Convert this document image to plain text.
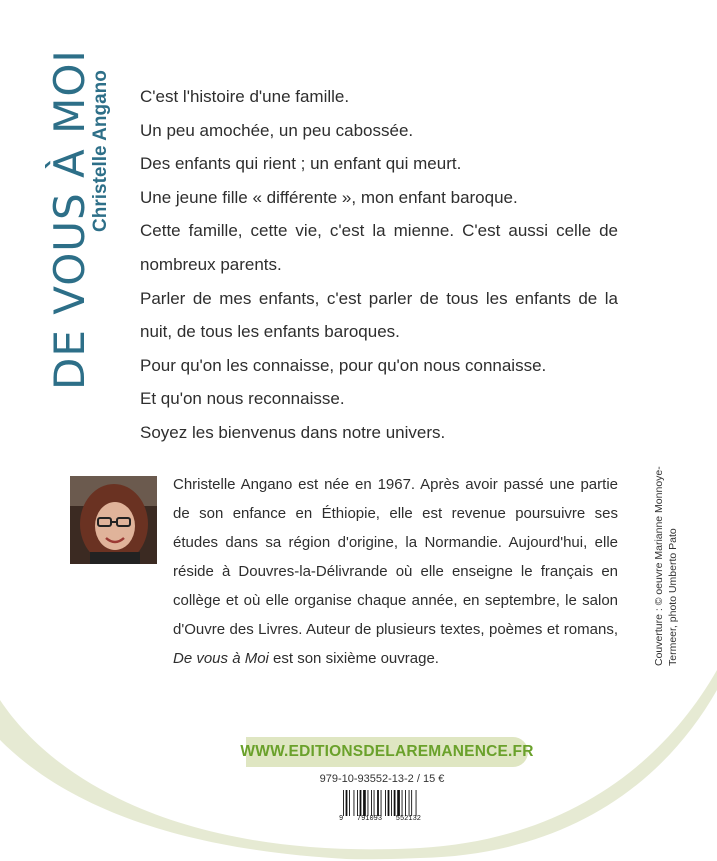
DE VOUS À MOI
Christelle Angano C'est l'histoire d'une famille.

Un peu amochée, un peu cabossée.

Des enfants qui rient ; un enfant qui meurt.

Une jeune fille « différente », mon enfant baroque.

Cette famille, cette vie, c'est la mienne. C'est aussi celle de nombreux parents.

Parler de mes enfants, c'est parler de tous les enfants de la nuit, de tous les enfants baroques.

Pour qu'on les connaisse, pour qu'on nous connaisse.

Et qu'on nous reconnaisse.

Soyez les bienvenus dans notre univers.

Christelle Angano est née en 1967. Après avoir passé une partie de son enfance en Éthiopie, elle est revenue poursuivre ses études dans sa région d'origine, la Normandie. Aujourd'hui, elle réside à Douvres-la-Délivrande où elle enseigne le français en collège et où elle organise chaque année, en septembre, le salon d'Ouvre des Livres. Auteur de plusieurs textes, poèmes et romans, De vous à Moi est son sixième ouvrage.	Couverture : © oeuvre Marianne Monnoye- Termeer, photo Umberto Pato
WWW.EDITIONSDELAREMANENCE.FR
979-10-93552-13-2 / 15 €
9 791093 552132
